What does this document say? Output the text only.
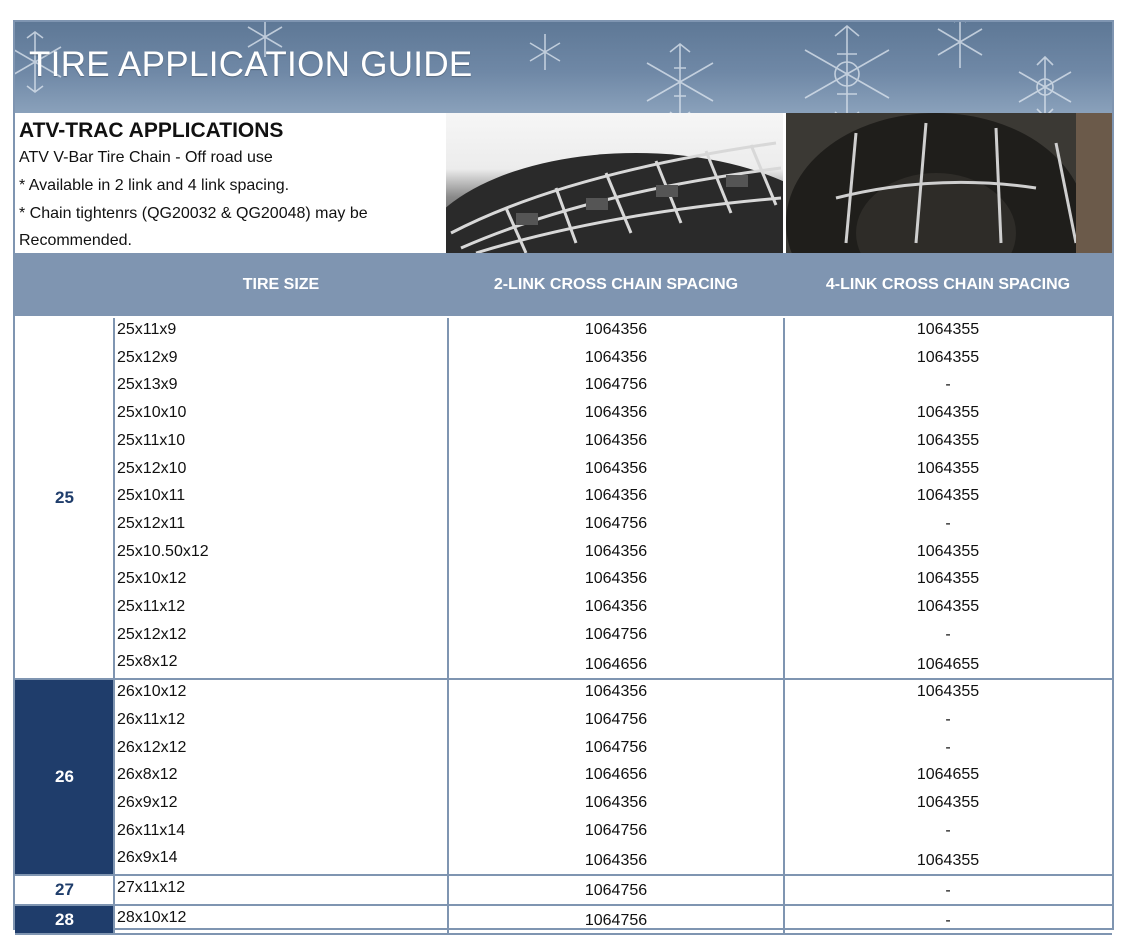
TIRE APPLICATION GUIDE
ATV-TRAC APPLICATIONS
ATV V-Bar Tire Chain - Off road use
* Available in 2 link and 4 link spacing.
* Chain tightenrs (QG20032 & QG20048) may be
Recommended.
TIRE SIZE	2-LINK CROSS CHAIN SPACING	4-LINK CROSS CHAIN SPACING
25
25x11x9	1064356	1064355
25x12x9	1064356	1064355
25x13x9	1064756	-
25x10x10	1064356	1064355
25x11x10	1064356	1064355
25x12x10	1064356	1064355
25x10x11	1064356	1064355
25x12x11	1064756	-
25x10.50x12	1064356	1064355
25x10x12	1064356	1064355
25x11x12	1064356	1064355
25x12x12	1064756	-
25x8x12	1064656	1064655
26
26x10x12	1064356	1064355
26x11x12	1064756	-
26x12x12	1064756	-
26x8x12	1064656	1064655
26x9x12	1064356	1064355
26x11x14	1064756	-
26x9x14	1064356	1064355
27	27x11x12	1064756	-
28	28x10x12	1064756	-
